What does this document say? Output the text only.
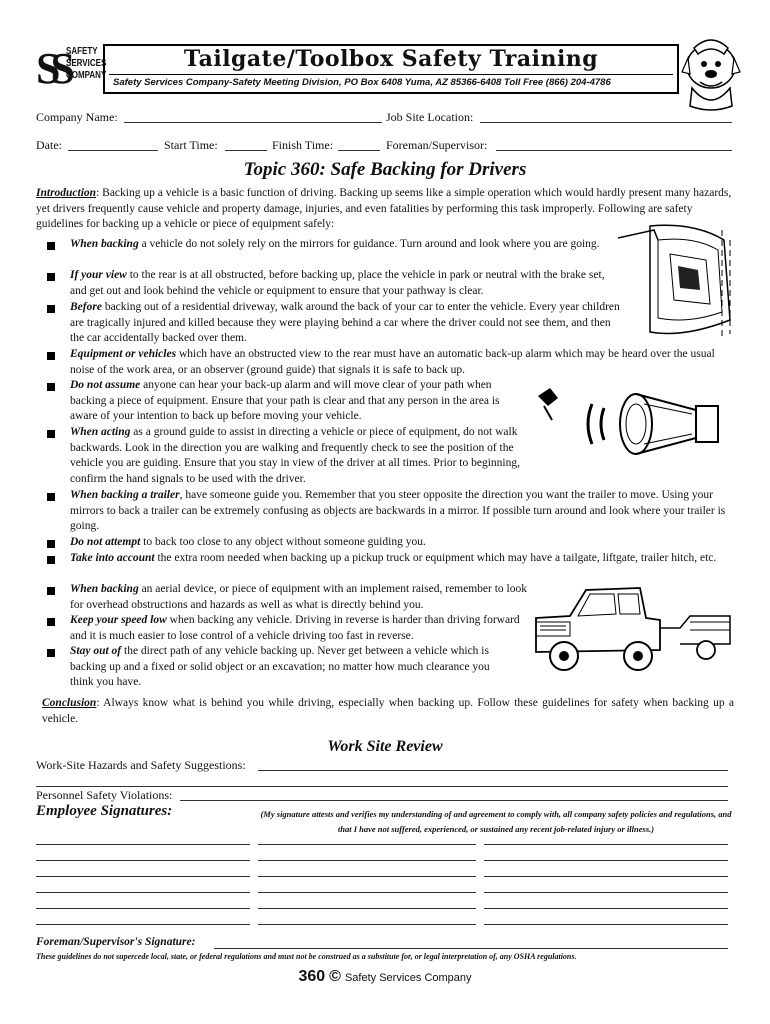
SS SAFETY
SERVICES
COMPANY
Tailgate/Toolbox Safety Training
Safety Services Company-Safety Meeting Division, PO Box 6408 Yuma, AZ 85366-6408 Toll Free (866) 204-4786
Company Name:	Job Site Location:
Date:	Start Time:	Finish Time:	Foreman/Supervisor:
Topic 360: Safe Backing for Drivers
Introduction: Backing up a vehicle is a basic function of driving. Backing up seems like a simple operation which would hardly present many hazards, yet drivers frequently cause vehicle and property damage, injuries, and even fatalities by performing this task improperly. Following are safety guidelines for backing up a vehicle or piece of equipment safely:
When backing a vehicle do not solely rely on the mirrors for guidance. Turn around and look where you are going.
If your view to the rear is at all obstructed, before backing up, place the vehicle in park or neutral with the brake set, and get out and look behind the vehicle or equipment to ensure that your pathway is clear.
Before backing out of a residential driveway, walk around the back of your car to enter the vehicle. Every year children are tragically injured and killed because they were playing behind a car where the driver could not see them, and then the car accidentally backed over them.
Equipment or vehicles which have an obstructed view to the rear must have an automatic back-up alarm which may be heard over the usual noise of the work area, or an observer (ground guide) that signals it is safe to back up.
Do not assume anyone can hear your back-up alarm and will move clear of your path when backing a piece of equipment. Ensure that your path is clear and that any person in the area is aware of your intention to back up before moving your vehicle.
When acting as a ground guide to assist in directing a vehicle or piece of equipment, do not walk backwards. Look in the direction you are walking and frequently check to see the position of the vehicle you are guiding. Ensure that you stay in view of the driver at all times. Prior to beginning, confirm the hand signals to be used with the driver.
When backing a trailer, have someone guide you. Remember that you steer opposite the direction you want the trailer to move. Using your mirrors to back a trailer can be extremely confusing as objects are backwards in a mirror. If possible turn around and look where your trailer is going.
Do not attempt to back too close to any object without someone guiding you.
Take into account the extra room needed when backing up a pickup truck or equipment which may have a tailgate, liftgate, trailer hitch, etc.
When backing an aerial device, or piece of equipment with an implement raised, remember to look for overhead obstructions and hazards as well as what is directly behind you.
Keep your speed low when backing any vehicle. Driving in reverse is harder than driving forward and it is much easier to lose control of a vehicle driving too fast in reverse.
Stay out of the direct path of any vehicle backing up. Never get between a vehicle which is backing up and a fixed or solid object or an excavation; no matter how much clearance you think you have.
Conclusion: Always know what is behind you while driving, especially when backing up. Follow these guidelines for safety when backing up a vehicle.
Work Site Review
Work-Site Hazards and Safety Suggestions:
Personnel Safety Violations:
Employee Signatures:	(My signature attests and verifies my understanding of and agreement to comply with, all company safety policies and regulations, and that I have not suffered, experienced, or sustained any recent job-related injury or illness.)
Foreman/Supervisor's Signature:
These guidelines do not supercede local, state, or federal regulations and must not be construed as a substitute for, or legal interpretation of, any OSHA regulations.
360 © Safety Services Company
